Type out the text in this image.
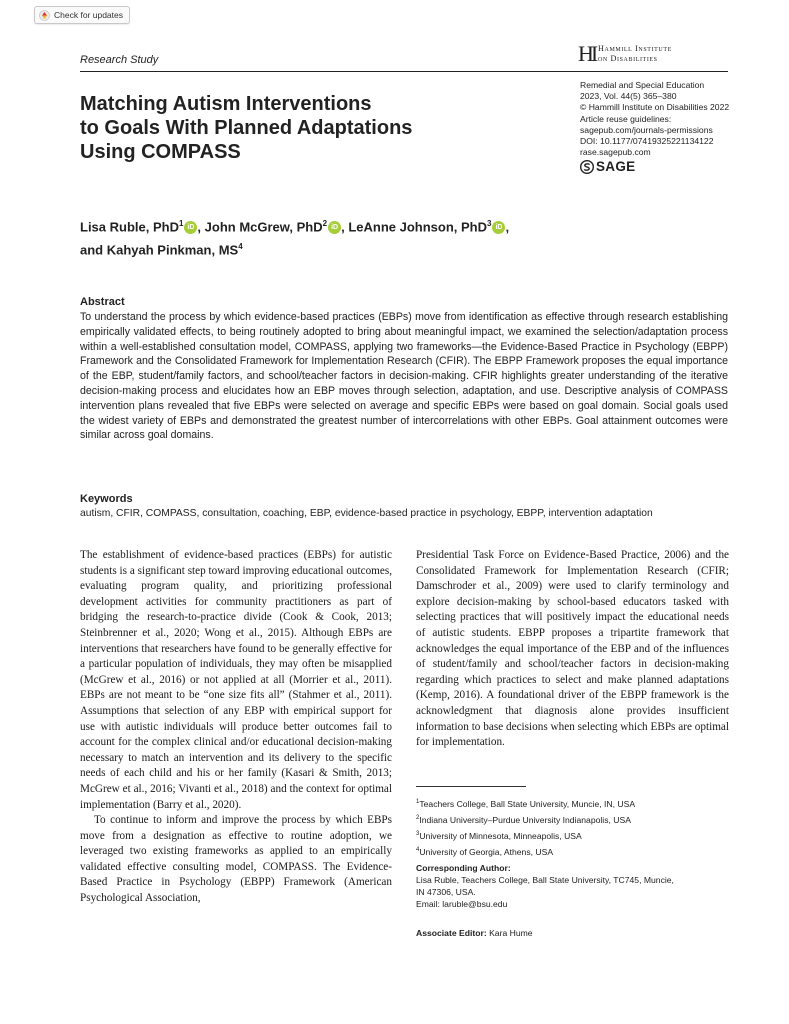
Check for updates
Research Study	HI Hammill Institute
on Disabilities
Remedial and Special Education
2023, Vol. 44(5) 365–380
© Hammill Institute on Disabilities 2022
Article reuse guidelines:
sagepub.com/journals-permissions
DOI: 10.1177/07419325221134122
rase.sagepub.com
SAGE
Matching Autism Interventions
to Goals With Planned Adaptations
Using COMPASS
Lisa Ruble, PhD$^1$ iD , John McGrew, PhD$^2$ iD , LeAnne Johnson, PhD$^3$ iD ,
and Kahyah Pinkman, $MS^4$
Abstract
To understand the process by which evidence-based practices (EBPs) move from identification as effective through research establishing empirically validated effects, to being routinely adopted to bring about meaningful impact, we examined the selection/adaptation process within a well-established consultation model, COMPASS, applying two frameworks—the Evidence-Based Practice in Psychology (EBPP) Framework and the Consolidated Framework for Implementation Research (CFIR). The EBPP Framework proposes the equal importance of the EBP, student/family factors, and school/teacher factors in decision-making. CFIR highlights greater understanding of the iterative decision-making process and elucidates how an EBP moves through selection, adaptation, and use. Descriptive analysis of COMPASS intervention plans revealed that five EBPs were selected on average and specific EBPs were based on goal domain. Social goals used the widest variety of EBPs and demonstrated the greatest number of intercorrelations with other EBPs. Goal attainment outcomes were similar across goal domains.
Keywords
autism, CFIR, COMPASS, consultation, coaching, EBP, evidence-based practice in psychology, EBPP, intervention adaptation

The establishment of evidence-based practices (EBPs) for autistic students is a significant step toward improving educational outcomes, evaluating program quality, and prioritizing professional development activities for community practitioners as part of bridging the research-to-practice divide (Cook & Cook, 2013; Steinbrenner et al., 2020; Wong et al., 2015). Although EBPs are interventions that researchers have found to be generally effective for a particular population of individuals, they may often be misapplied (McGrew et al., 2016) or not applied at all (Morrier et al., 2011). EBPs are not meant to be “one size fits all” (Stahmer et al., 2011). Assumptions that selection of any EBP with empirical support for use with autistic individuals will produce better outcomes fail to account for the complex clinical and/or educational decision-making necessary to match an intervention and its delivery to the specific needs of each child and his or her family (Kasari & Smith, 2013; McGrew et al., 2016; Vivanti et al., 2018) and the context for optimal implementation (Barry et al., 2020).

To continue to inform and improve the process by which EBPs move from a designation as effective to routine adoption, we leveraged two existing frameworks as applied to an empirically validated effective consulting model, COMPASS. The Evidence-Based Practice in Psychology (EBPP) Framework (American Psychological Association,

Presidential Task Force on Evidence-Based Practice, 2006) and the Consolidated Framework for Implementation Research (CFIR; Damschroder et al., 2009) were used to clarify terminology and explore decision-making by school-based educators tasked with selecting practices that will positively impact the educational needs of autistic students. EBPP proposes a tripartite framework that acknowledges the equal importance of the EBP and of the influences of student/family and school/teacher factors in decision-making regarding which practices to select and make planned adaptations (Kemp, 2016). A foundational driver of the EBPP framework is the acknowledgment that diagnosis alone provides insufficient information to base decisions when selecting which EBPs are optimal for implementation.

$^1$Teachers College, Ball State University, Muncie, IN, USA
$^2$Indiana University–Purdue University Indianapolis, USA
$^3$University of Minnesota, Minneapolis, USA
$^4$University of Georgia, Athens, USA
Corresponding Author:
Lisa Ruble, Teachers College, Ball State University, TC745, Muncie,
IN 47306, USA.
Email: laruble@bsu.edu
Associate Editor: Kara Hume
